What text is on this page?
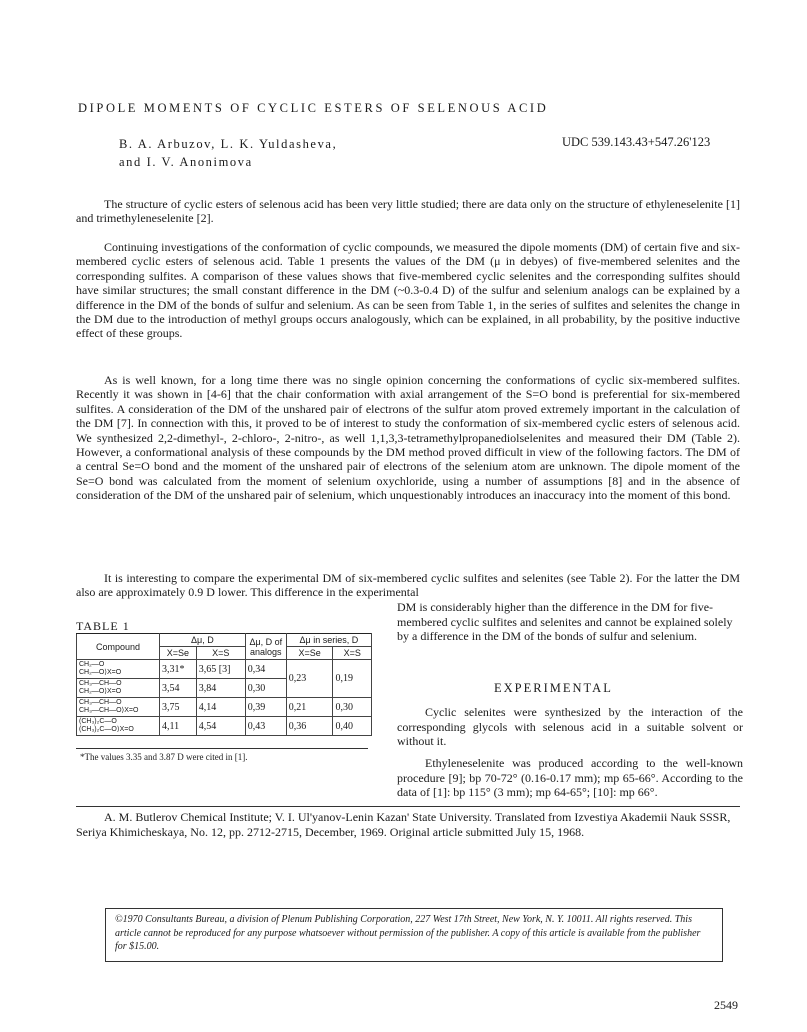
DIPOLE MOMENTS OF CYCLIC ESTERS OF SELENOUS ACID
B. A. Arbuzov, L. K. Yuldasheva,
and I. V. Anonimova
UDC 539.143.43+547.26'123

The structure of cyclic esters of selenous acid has been very little studied; there are data only on the structure of ethyleneselenite [1] and trimethyleneselenite [2].

Continuing investigations of the conformation of cyclic compounds, we measured the dipole moments (DM) of certain five and six-membered cyclic esters of selenous acid. Table 1 presents the values of the DM (μ in debyes) of five-membered selenites and the corresponding sulfites. A comparison of these values shows that five-membered cyclic selenites and the corresponding sulfites should have similar structures; the small constant difference in the DM (~0.3-0.4 D) of the sulfur and selenium analogs can be explained by a difference in the DM of the bonds of sulfur and selenium. As can be seen from Table 1, in the series of sulfites and selenites the change in the DM due to the introduction of methyl groups occurs analogously, which can be explained, in all probability, by the positive inductive effect of these groups.

As is well known, for a long time there was no single opinion concerning the conformations of cyclic six-membered sulfites. Recently it was shown in [4-6] that the chair conformation with axial arrangement of the S=O bond is preferential for six-membered sulfites. A consideration of the DM of the unshared pair of electrons of the sulfur atom proved extremely important in the calculation of the DM [7]. In connection with this, it proved to be of interest to study the conformation of six-membered cyclic esters of selenous acid. We synthesized 2,2-dimethyl-, 2-chloro-, 2-nitro-, as well 1,1,3,3-tetramethylpropanediolselenites and measured their DM (Table 2). However, a conformational analysis of these compounds by the DM method proved difficult in view of the following factors. The DM of a central Se=O bond and the moment of the unshared pair of electrons of the selenium atom are unknown. The dipole moment of the Se=O bond was calculated from the moment of selenium oxychloride, using a number of assumptions [8] and in the absence of consideration of the DM of the unshared pair of selenium, which unquestionably introduces an inaccuracy into the moment of this bond.

It is interesting to compare the experimental DM of six-membered cyclic sulfites and selenites (see Table 2). For the latter the DM also are approximately 0.9 D lower. This difference in the experimental

DM is considerably higher than the difference in the DM for five-membered cyclic sulfites and selenites and cannot be explained solely by a difference in the DM of the bonds of sulfur and selenium.

EXPERIMENTAL

Cyclic selenites were synthesized by the interaction of the corresponding glycols with selenous acid in a suitable solvent or without it.

Ethyleneselenite was produced according to the well-known procedure [9]; bp 70-72° (0.16-0.17 mm); mp 65-66°. According to the data of [1]: bp 115° (3 mm); mp 64-65°; [10]: mp 66°.

TABLE 1
Compound	Δμ, D		Δμ, D of analogs	Δμ in series, D	
	X=Se	X=S		X=Se	X=S

CH₂—O
CH₂—O⟩X=O	3,31*	3,65 [3]	0,34	0,23	0,19

CH₃—CH—O
CH₂—O⟩X=O	3,54	3,84	0,30		

CH₃—CH—O
CH₃—CH—O⟩X=O	3,75	4,14	0,39	0,21	0,30

(CH₃)₂C—O
(CH₃)₂C—O⟩X=O	4,11	4,54	0,43	0,36	0,40
*The values 3.35 and 3.87 D were cited in [1].

A. M. Butlerov Chemical Institute; V. I. Ul'yanov-Lenin Kazan' State University. Translated from Izvestiya Akademii Nauk SSSR, Seriya Khimicheskaya, No. 12, pp. 2712-2715, December, 1969. Original article submitted July 15, 1968.

©1970 Consultants Bureau, a division of Plenum Publishing Corporation, 227 West 17th Street, New York, N. Y. 10011. All rights reserved. This article cannot be reproduced for any purpose whatsoever without permission of the publisher. A copy of this article is available from the publisher for $15.00.
2549
